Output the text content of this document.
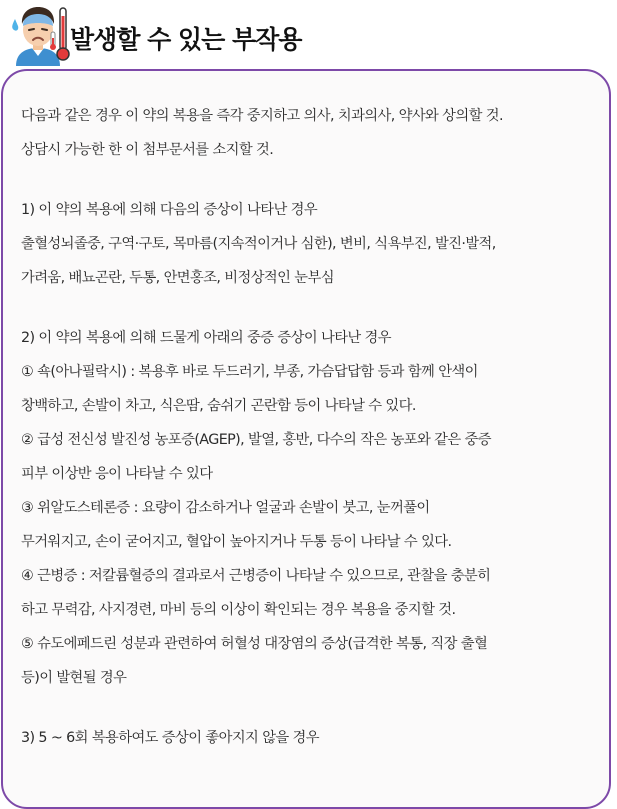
발생할 수 있는 부작용
다음과 같은 경우 이 약의 복용을 즉각 중지하고 의사, 치과의사, 약사와 상의할 것.
상담시 가능한 한 이 첨부문서를 소지할 것.
1) 이 약의 복용에 의해 다음의 증상이 나타난 경우
출혈성뇌졸중, 구역·구토, 목마름(지속적이거나 심한), 변비, 식욕부진, 발진·발적,
가려움, 배뇨곤란, 두통, 안면홍조, 비정상적인 눈부심
2) 이 약의 복용에 의해 드물게 아래의 중증 증상이 나타난 경우
① 쇽(아나필락시) : 복용후 바로 두드러기, 부종, 가슴답답함 등과 함께 안색이
창백하고, 손발이 차고, 식은땀, 숨쉬기 곤란함 등이 나타날 수 있다.
② 급성 전신성 발진성 농포증(AGEP), 발열, 홍반, 다수의 작은 농포와 같은 중증
피부 이상반 응이 나타날 수 있다
③ 위알도스테론증 : 요량이 감소하거나 얼굴과 손발이 붓고, 눈꺼풀이
무거워지고, 손이 굳어지고, 혈압이 높아지거나 두통 등이 나타날 수 있다.
④ 근병증 : 저칼륨혈증의 결과로서 근병증이 나타날 수 있으므로, 관찰을 충분히
하고 무력감, 사지경련, 마비 등의 이상이 확인되는 경우 복용을 중지할 것.
⑤ 슈도에페드린 성분과 관련하여 허혈성 대장염의 증상(급격한 복통, 직장 출혈
등)이 발현될 경우
3) 5 ~ 6회 복용하여도 증상이 좋아지지 않을 경우
